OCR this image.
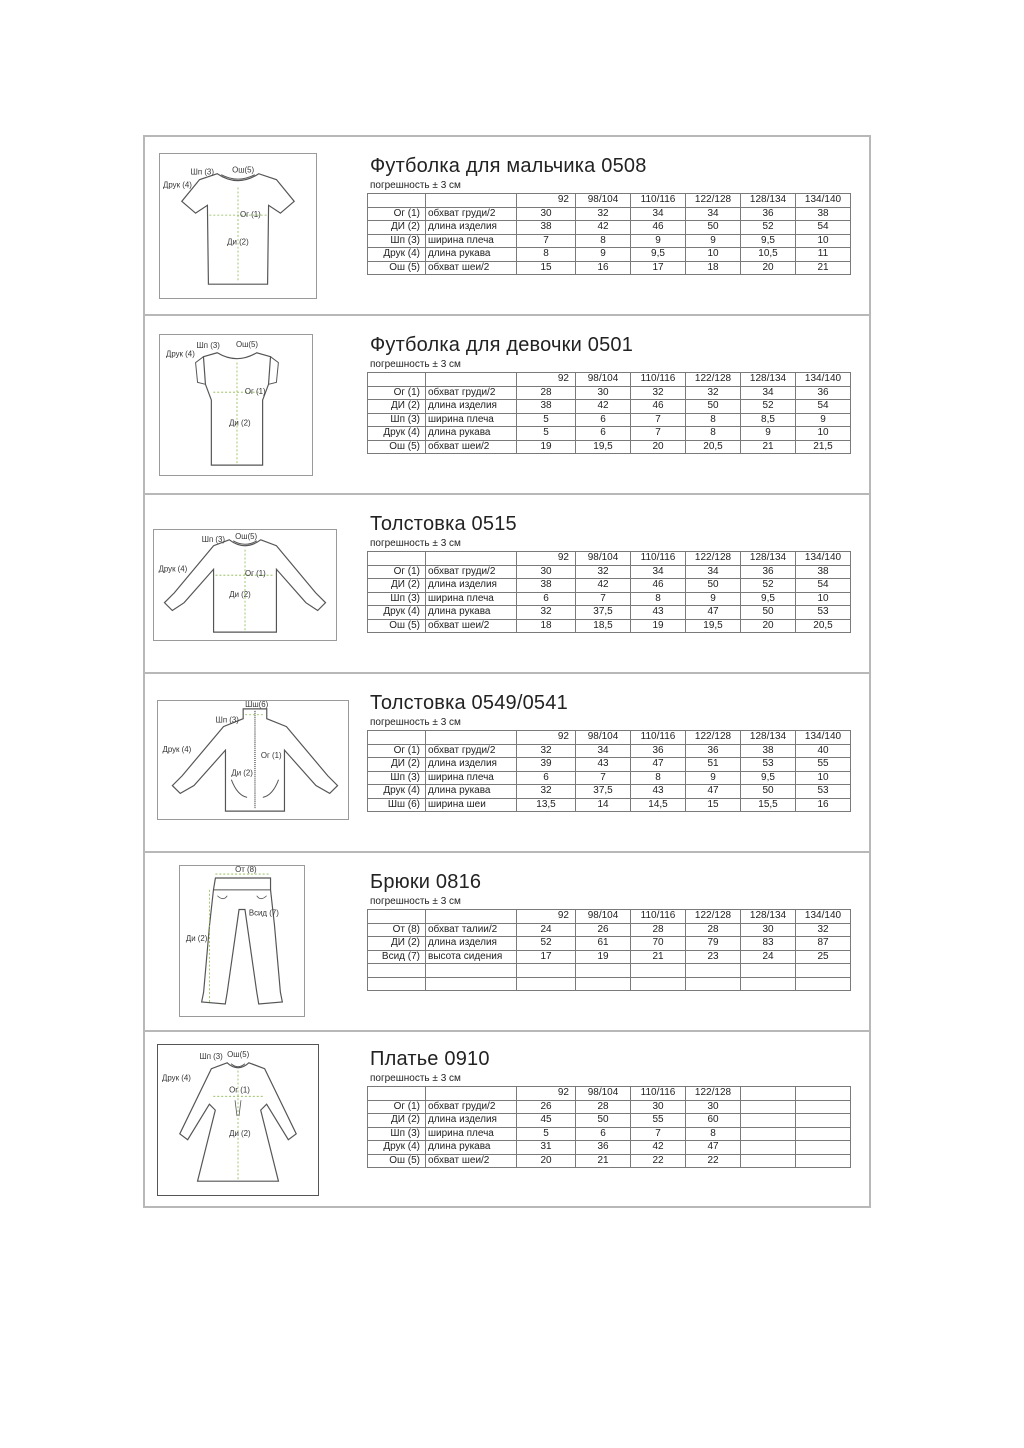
Шп (3) Ош(5)
Друк (4)
Ог (1)
Ди (2)
Футболка для мальчика 0508
погрешность ± 3 см
		92	98/104	110/116	122/128	128/134	134/140
Ог (1)	обхват груди/2	30	32	34	34	36	38
ДИ (2)	длина изделия	38	42	46	50	52	54
Шп (3)	ширина плеча	7	8	9	9	9,5	10
Друк (4)	длина рукава	8	9	9,5	10	10,5	11
Ош (5)	обхват шеи/2	15	16	17	18	20	21
Шп (3) Ош(5)
Друк (4)
Ог (1)
Ди (2)
Футболка для девочки 0501
погрешность ± 3 см
		92	98/104	110/116	122/128	128/134	134/140
Ог (1)	обхват груди/2	28	30	32	32	34	36
ДИ (2)	длина изделия	38	42	46	50	52	54
Шп (3)	ширина плеча	5	6	7	8	8,5	9
Друк (4)	длина рукава	5	6	7	8	9	10
Ош (5)	обхват шеи/2	19	19,5	20	20,5	21	21,5
Шп (3) Ош(5)
Друк (4)
Ог (1)
Ди (2)
Толстовка 0515
погрешность ± 3 см
		92	98/104	110/116	122/128	128/134	134/140
Ог (1)	обхват груди/2	30	32	34	34	36	38
ДИ (2)	длина изделия	38	42	46	50	52	54
Шп (3)	ширина плеча	6	7	8	9	9,5	10
Друк (4)	длина рукава	32	37,5	43	47	50	53
Ош (5)	обхват шеи/2	18	18,5	19	19,5	20	20,5
Шп (3)
Шш(6)
Друк (4)
Ог (1)
Ди (2)
Толстовка 0549/0541
погрешность ± 3 см
		92	98/104	110/116	122/128	128/134	134/140
Ог (1)	обхват груди/2	32	34	36	36	38	40
ДИ (2)	длина изделия	39	43	47	51	53	55
Шп (3)	ширина плеча	6	7	8	9	9,5	10
Друк (4)	длина рукава	32	37,5	43	47	50	53
Шш (6)	ширина шеи	13,5	14	14,5	15	15,5	16
От (8)
Всид (7)
Ди (2)
Брюки 0816
погрешность ± 3 см
		92	98/104	110/116	122/128	128/134	134/140
От (8)	обхват талии/2	24	26	28	28	30	32
ДИ (2)	длина изделия	52	61	70	79	83	87
Всид (7)	высота сидения	17	19	21	23	24	25

Шп (3) Ош(5)
Друк (4)
Ог (1)
Ди (2)
Платье 0910
погрешность ± 3 см
		92	98/104	110/116	122/128		
Ог (1)	обхват груди/2	26	28	30	30		
ДИ (2)	длина изделия	45	50	55	60		
Шп (3)	ширина плеча	5	6	7	8		
Друк (4)	длина рукава	31	36	42	47		
Ош (5)	обхват шеи/2	20	21	22	22		
